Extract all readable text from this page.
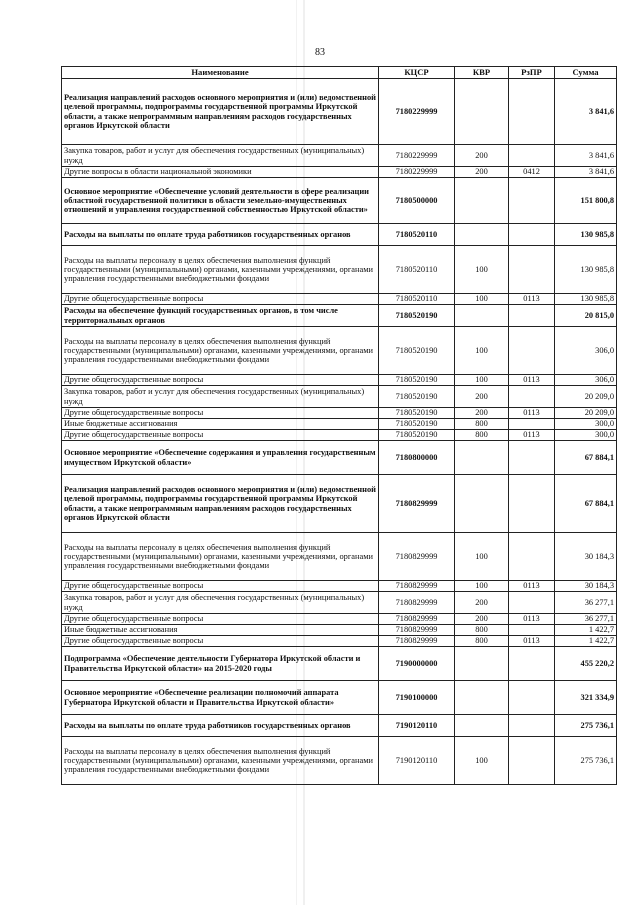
83
Наименование	КЦСР	КВР	РзПР	Сумма
Реализация направлений расходов основного мероприятия и (или) ведомственной целевой программы, подпрограммы государственной программы Иркутской области, а также непрограммным направлениям расходов государственных органов Иркутской области	7180229999			3 841,6
Закупка товаров, работ и услуг для обеспечения государственных (муниципальных) нужд	7180229999	200		3 841,6
Другие вопросы в области национальной экономики	7180229999	200	0412	3 841,6
Основное мероприятие «Обеспечение условий деятельности в сфере реализации областной государственной политики в области земельно-имущественных отношений и управления государственной собственностью Иркутской области»	7180500000			151 800,8
Расходы на выплаты по оплате труда работников государственных органов	7180520110			130 985,8
Расходы на выплаты персоналу в целях обеспечения выполнения функций государственными (муниципальными) органами, казенными учреждениями, органами управления государственными внебюджетными фондами	7180520110	100		130 985,8
Другие общегосударственные вопросы	7180520110	100	0113	130 985,8
Расходы на обеспечение функций государственных органов, в том числе территориальных органов	7180520190			20 815,0
Расходы на выплаты персоналу в целях обеспечения выполнения функций государственными (муниципальными) органами, казенными учреждениями, органами управления государственными внебюджетными фондами	7180520190	100		306,0
Другие общегосударственные вопросы	7180520190	100	0113	306,0
Закупка товаров, работ и услуг для обеспечения государственных (муниципальных) нужд	7180520190	200		20 209,0
Другие общегосударственные вопросы	7180520190	200	0113	20 209,0
Иные бюджетные ассигнования	7180520190	800		300,0
Другие общегосударственные вопросы	7180520190	800	0113	300,0
Основное мероприятие «Обеспечение содержания и управления государственным имуществом Иркутской области»	7180800000			67 884,1
Реализация направлений расходов основного мероприятия и (или) ведомственной целевой программы, подпрограммы государственной программы Иркутской области, а также непрограммным направлениям расходов государственных органов Иркутской области	7180829999			67 884,1
Расходы на выплаты персоналу в целях обеспечения выполнения функций государственными (муниципальными) органами, казенными учреждениями, органами управления государственными внебюджетными фондами	7180829999	100		30 184,3
Другие общегосударственные вопросы	7180829999	100	0113	30 184,3
Закупка товаров, работ и услуг для обеспечения государственных (муниципальных) нужд	7180829999	200		36 277,1
Другие общегосударственные вопросы	7180829999	200	0113	36 277,1
Иные бюджетные ассигнования	7180829999	800		1 422,7
Другие общегосударственные вопросы	7180829999	800	0113	1 422,7
Подпрограмма «Обеспечение деятельности Губернатора Иркутской области и Правительства Иркутской области» на 2015-2020 годы	7190000000			455 220,2
Основное мероприятие «Обеспечение реализации полномочий аппарата Губернатора Иркутской области и Правительства Иркутской области»	7190100000			321 334,9
Расходы на выплаты по оплате труда работников государственных органов	7190120110			275 736,1
Расходы на выплаты персоналу в целях обеспечения выполнения функций государственными (муниципальными) органами, казенными учреждениями, органами управления государственными внебюджетными фондами	7190120110	100		275 736,1
